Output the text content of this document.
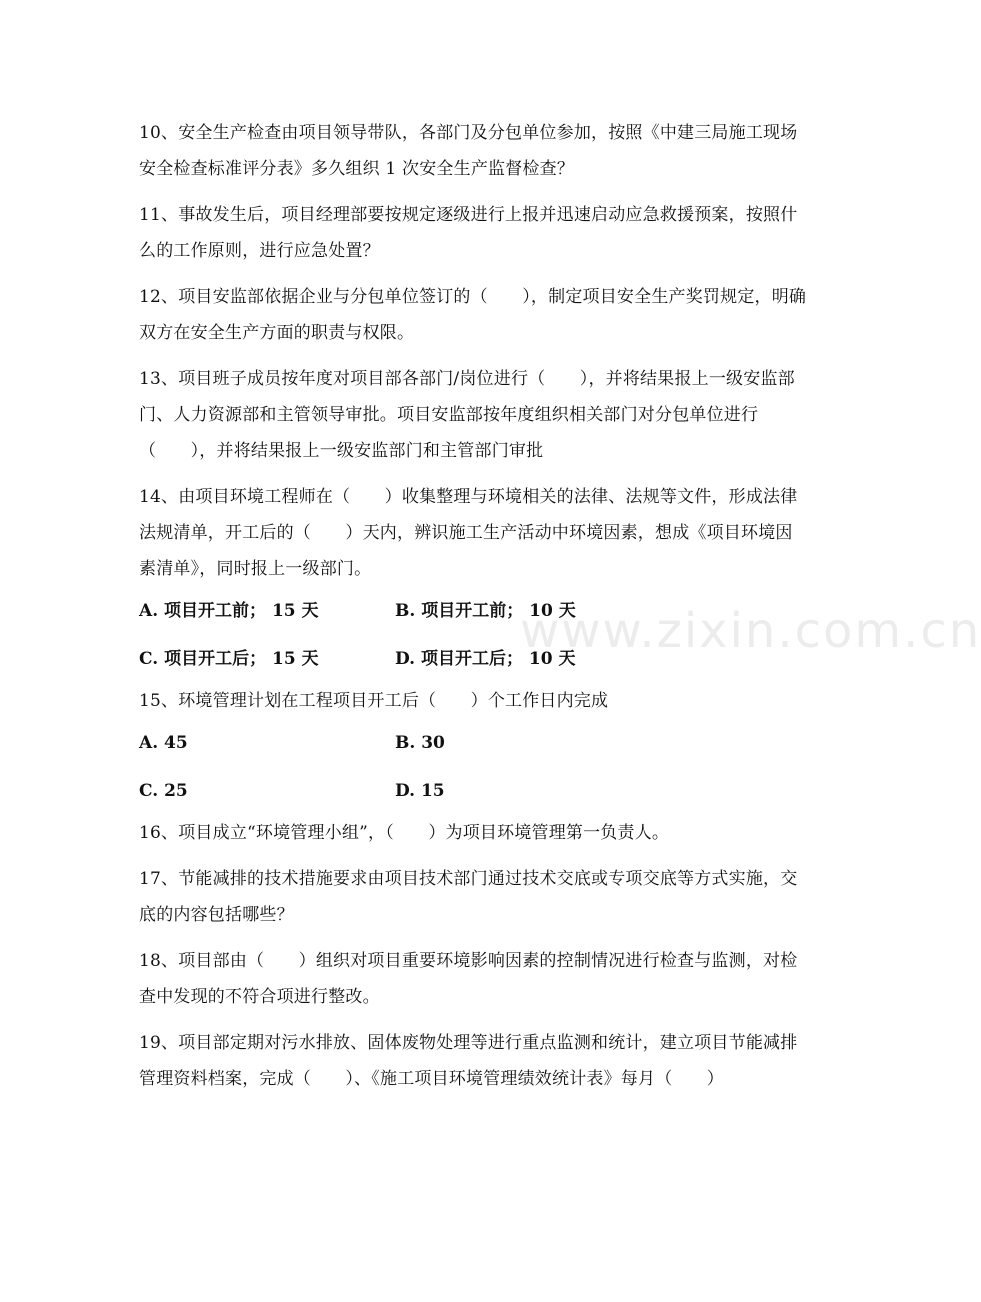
10、安全生产检查由项目领导带队，各部门及分包单位参加，按照《中建三局施工现场安全检查标准评分表》多久组织 1 次安全生产监督检查？

11、事故发生后，项目经理部要按规定逐级进行上报并迅速启动应急救援预案，按照什么的工作原则，进行应急处置？

12、项目安监部依据企业与分包单位签订的（　　），制定项目安全生产奖罚规定，明确双方在安全生产方面的职责与权限。

13、项目班子成员按年度对项目部各部门/岗位进行（　　），并将结果报上一级安监部门、人力资源部和主管领导审批。项目安监部按年度组织相关部门对分包单位进行（　　），并将结果报上一级安监部门和主管部门审批

14、由项目环境工程师在（　　）收集整理与环境相关的法律、法规等文件，形成法律法规清单，开工后的（　　）天内，辨识施工生产活动中环境因素，想成《项目环境因素清单》，同时报上一级部门。

A. 项目开工前； 15 天	B. 项目开工前； 10 天
C. 项目开工后； 15 天	D. 项目开工后； 10 天

15、环境管理计划在工程项目开工后（　　）个工作日内完成

A. 45	B. 30
C. 25	D. 15

16、项目成立“环境管理小组”，（　　）为项目环境管理第一负责人。

17、节能减排的技术措施要求由项目技术部门通过技术交底或专项交底等方式实施，交底的内容包括哪些？

18、项目部由（　　）组织对项目重要环境影响因素的控制情况进行检查与监测，对检查中发现的不符合项进行整改。

19、项目部定期对污水排放、固体废物处理等进行重点监测和统计，建立项目节能减排管理资料档案，完成（　　）、《施工项目环境管理绩效统计表》每月（　　）

www.zixin.com.cn
